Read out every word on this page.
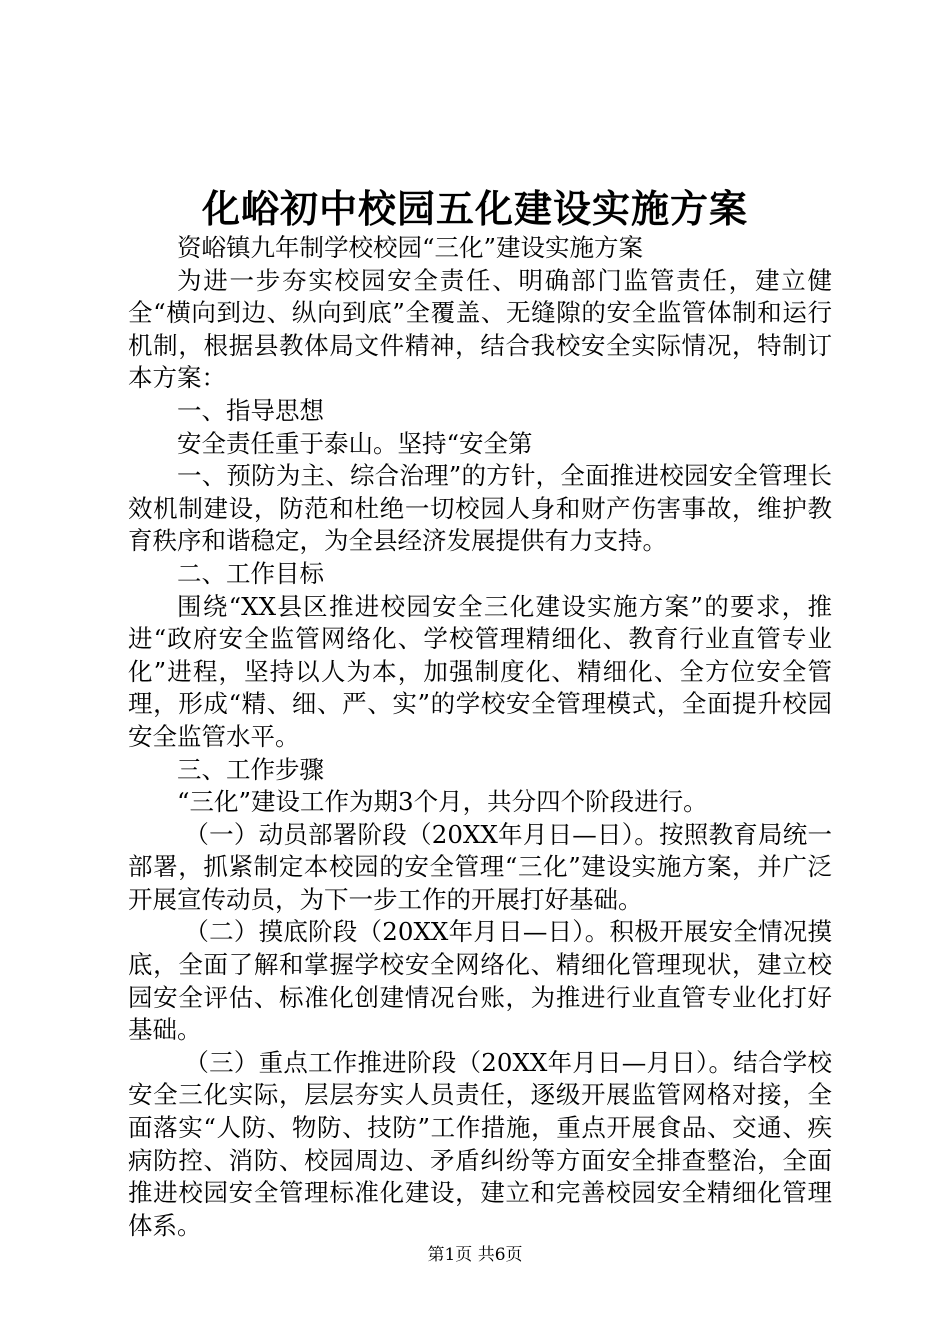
化峪初中校园五化建设实施方案

资峪镇九年制学校校园“三化”建设实施方案

为进一步夯实校园安全责任、明确部门监管责任，建立健全“横向到边、纵向到底”全覆盖、无缝隙的安全监管体制和运行机制，根据县教体局文件精神，结合我校安全实际情况，特制订本方案：

一、指导思想

安全责任重于泰山。坚持“安全第

一、预防为主、综合治理”的方针，全面推进校园安全管理长效机制建设，防范和杜绝一切校园人身和财产伤害事故，维护教育秩序和谐稳定，为全县经济发展提供有力支持。

二、工作目标

围绕“XX县区推进校园安全三化建设实施方案”的要求，推进“政府安全监管网络化、学校管理精细化、教育行业直管专业化”进程，坚持以人为本，加强制度化、精细化、全方位安全管理，形成“精、细、严、实”的学校安全管理模式，全面提升校园安全监管水平。

三、工作步骤

“三化”建设工作为期3个月，共分四个阶段进行。

（一）动员部署阶段（20XX年月日—日）。按照教育局统一部署，抓紧制定本校园的安全管理“三化”建设实施方案，并广泛开展宣传动员，为下一步工作的开展打好基础。

（二）摸底阶段（20XX年月日—日）。积极开展安全情况摸底，全面了解和掌握学校安全网络化、精细化管理现状，建立校园安全评估、标准化创建情况台账，为推进行业直管专业化打好基础。

（三）重点工作推进阶段（20XX年月日—月日）。结合学校安全三化实际，层层夯实人员责任，逐级开展监管网格对接，全面落实“人防、物防、技防”工作措施，重点开展食品、交通、疾病防控、消防、校园周边、矛盾纠纷等方面安全排查整治，全面推进校园安全管理标准化建设，建立和完善校园安全精细化管理体系。

第1页 共6页
